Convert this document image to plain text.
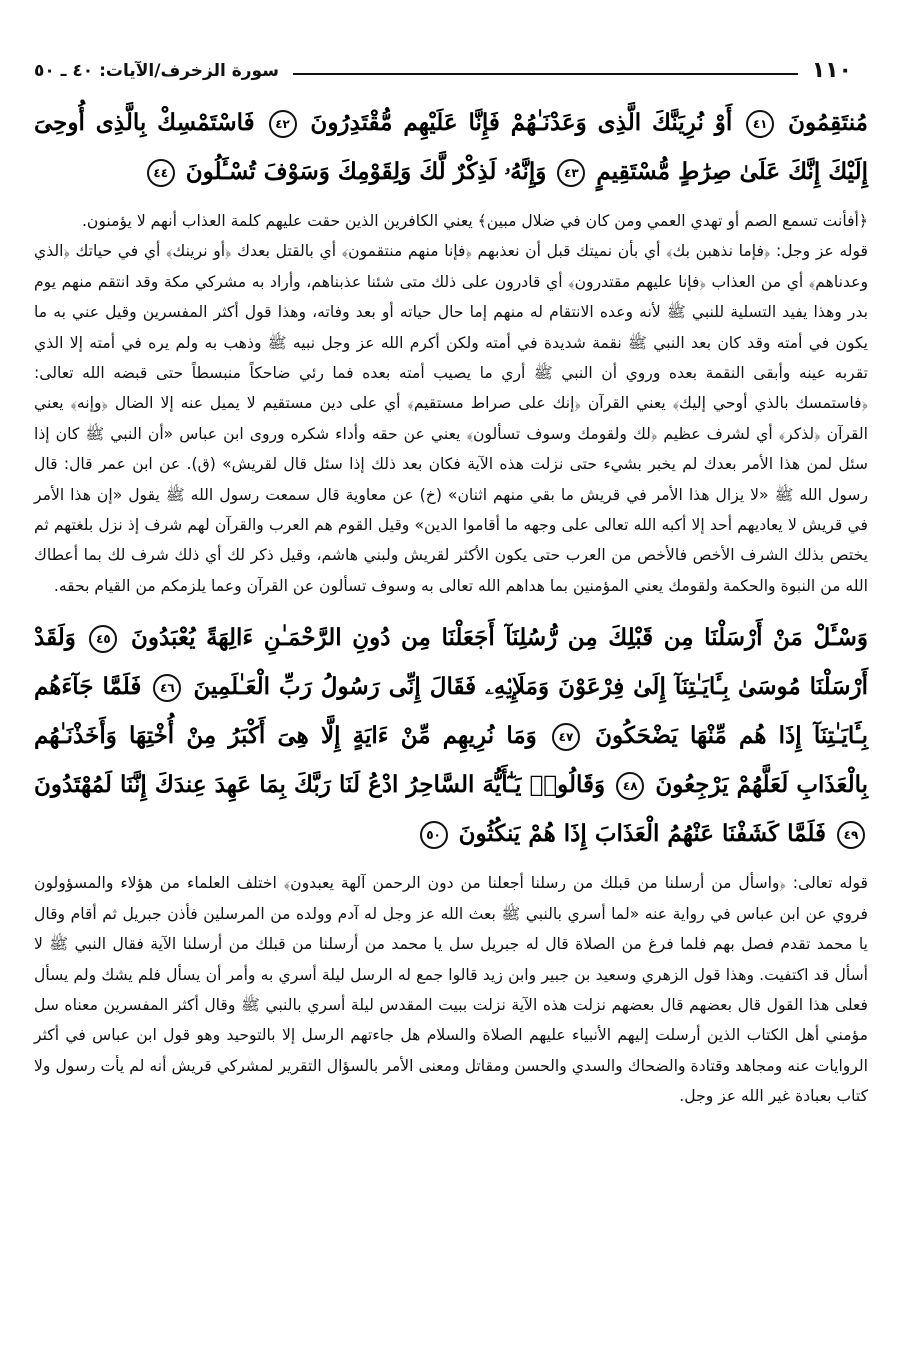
١١٠
سورة الزخرف/الآيات: ٤٠ ـ ٥٠

مُنتَقِمُونَ ٤١ أَوْ نُرِيَنَّكَ الَّذِى وَعَدْنَـٰهُمْ فَإِنَّا عَلَيْهِم مُّقْتَدِرُونَ ٤٢ فَاسْتَمْسِكْ بِالَّذِى أُوحِىَ إِلَيْكَ إِنَّكَ عَلَىٰ صِرَٰطٍ مُّسْتَقِيمٍ ٤٣ وَإِنَّهُۥ لَذِكْرٌ لَّكَ وَلِقَوْمِكَ وَسَوْفَ تُسْـَٔلُونَ ٤٤

﴿أفأنت تسمع الصم أو تهدي العمي ومن كان في ضلال مبين﴾ يعني الكافرين الذين حقت عليهم كلمة العذاب أنهم لا يؤمنون.

قوله عز وجل: ﴿فإما نذهبن بك﴾ أي بأن نميتك قبل أن نعذبهم ﴿فإنا منهم منتقمون﴾ أي بالقتل بعدك ﴿أو نرينك﴾ أي في حياتك ﴿الذي وعدناهم﴾ أي من العذاب ﴿فإنا عليهم مقتدرون﴾ أي قادرون على ذلك متى شئنا عذبناهم، وأراد به مشركي مكة وقد انتقم منهم يوم بدر وهذا يفيد التسلية للنبي ﷺ لأنه وعده الانتقام له منهم إما حال حياته أو بعد وفاته، وهذا قول أكثر المفسرين وقيل عني به ما يكون في أمته وقد كان بعد النبي ﷺ نقمة شديدة في أمته ولكن أكرم الله عز وجل نبيه ﷺ وذهب به ولم يره في أمته إلا الذي تقربه عينه وأبقى النقمة بعده وروي أن النبي ﷺ أري ما يصيب أمته بعده فما رئي ضاحكاً منبسطاً حتى قبضه الله تعالى: ﴿فاستمسك بالذي أوحي إليك﴾ يعني القرآن ﴿إنك على صراط مستقيم﴾ أي على دين مستقيم لا يميل عنه إلا الضال ﴿وإنه﴾ يعني القرآن ﴿لذكر﴾ أي لشرف عظيم ﴿لك ولقومك وسوف تسألون﴾ يعني عن حقه وأداء شكره وروى ابن عباس «أن النبي ﷺ كان إذا سئل لمن هذا الأمر بعدك لم يخبر بشيء حتى نزلت هذه الآية فكان بعد ذلك إذا سئل قال لقريش» (ق). عن ابن عمر قال: قال رسول الله ﷺ «لا يزال هذا الأمر في قريش ما بقي منهم اثنان» (خ) عن معاوية قال سمعت رسول الله ﷺ يقول «إن هذا الأمر في قريش لا يعاديهم أحد إلا أكبه الله تعالى على وجهه ما أقاموا الدين» وقيل القوم هم العرب والقرآن لهم شرف إذ نزل بلغتهم ثم يختص بذلك الشرف الأخص فالأخص من العرب حتى يكون الأكثر لقريش ولبني هاشم، وقيل ذكر لك أي ذلك شرف لك بما أعطاك الله من النبوة والحكمة ولقومك يعني المؤمنين بما هداهم الله تعالى به وسوف تسألون عن القرآن وعما يلزمكم من القيام بحقه.

وَسْـَٔلْ مَنْ أَرْسَلْنَا مِن قَبْلِكَ مِن رُّسُلِنَآ أَجَعَلْنَا مِن دُونِ الرَّحْمَـٰنِ ءَالِهَةً يُعْبَدُونَ ٤٥ وَلَقَدْ أَرْسَلْنَا مُوسَىٰ بِـَٔايَـٰتِنَآ إِلَىٰ فِرْعَوْنَ وَمَلَإِي۟هِۦ فَقَالَ إِنِّى رَسُولُ رَبِّ الْعَـٰلَمِينَ ٤٦ فَلَمَّا جَآءَهُم بِـَٔايَـٰتِنَآ إِذَا هُم مِّنْهَا يَضْحَكُونَ ٤٧ وَمَا نُرِيهِم مِّنْ ءَايَةٍ إِلَّا هِىَ أَكْبَرُ مِنْ أُخْتِهَا وَأَخَذْنَـٰهُم بِالْعَذَابِ لَعَلَّهُمْ يَرْجِعُونَ ٤٨ وَقَالُوا۟ يَـٰٓأَيُّهَ السَّاحِرُ ادْعُ لَنَا رَبَّكَ بِمَا عَهِدَ عِندَكَ إِنَّنَا لَمُهْتَدُونَ ٤٩ فَلَمَّا كَشَفْنَا عَنْهُمُ الْعَذَابَ إِذَا هُمْ يَنكُثُونَ ٥٠

قوله تعالى: ﴿واسأل من أرسلنا من قبلك من رسلنا أجعلنا من دون الرحمن آلهة يعبدون﴾ اختلف العلماء من هؤلاء والمسؤولون فروي عن ابن عباس في رواية عنه «لما أسري بالنبي ﷺ بعث الله عز وجل له آدم وولده من المرسلين فأذن جبريل ثم أقام وقال يا محمد تقدم فصل بهم فلما فرغ من الصلاة قال له جبريل سل يا محمد من أرسلنا من قبلك من أرسلنا الآية فقال النبي ﷺ لا أسأل قد اكتفيت. وهذا قول الزهري وسعيد بن جبير وابن زيد قالوا جمع له الرسل ليلة أسري به وأمر أن يسأل فلم يشك ولم يسأل فعلى هذا القول قال بعضهم قال بعضهم نزلت هذه الآية نزلت ببيت المقدس ليلة أسري بالنبي ﷺ وقال أكثر المفسرين معناه سل مؤمني أهل الكتاب الذين أرسلت إليهم الأنبياء عليهم الصلاة والسلام هل جاءتهم الرسل إلا بالتوحيد وهو قول ابن عباس في أكثر الروايات عنه ومجاهد وقتادة والضحاك والسدي والحسن ومقاتل ومعنى الأمر بالسؤال التقرير لمشركي قريش أنه لم يأت رسول ولا كتاب بعبادة غير الله عز وجل.
